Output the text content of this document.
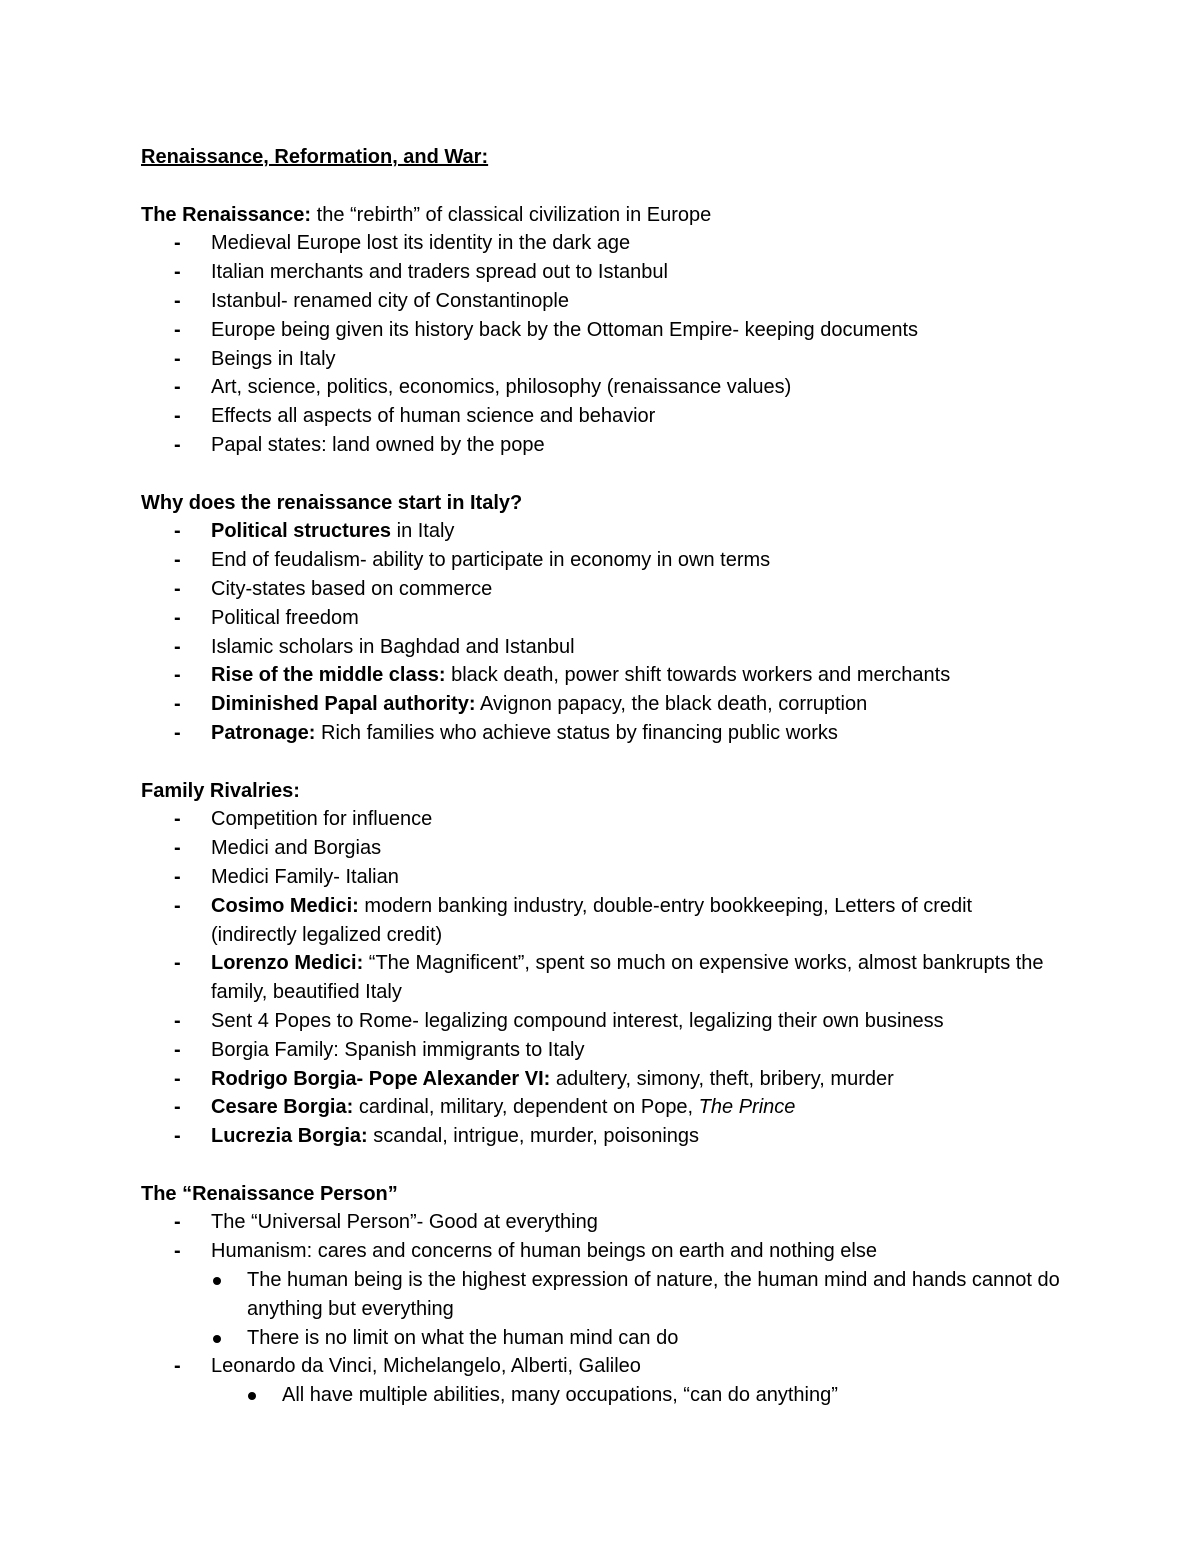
Renaissance, Reformation, and War:
The Renaissance: the “rebirth” of classical civilization in Europe
- Medieval Europe lost its identity in the dark age
- Italian merchants and traders spread out to Istanbul
- Istanbul- renamed city of Constantinople
- Europe being given its history back by the Ottoman Empire- keeping documents
- Beings in Italy
- Art, science, politics, economics, philosophy (renaissance values)
- Effects all aspects of human science and behavior
- Papal states: land owned by the pope
Why does the renaissance start in Italy?
- Political structures in Italy
- End of feudalism- ability to participate in economy in own terms
- City-states based on commerce
- Political freedom
- Islamic scholars in Baghdad and Istanbul
- Rise of the middle class: black death, power shift towards workers and merchants
- Diminished Papal authority: Avignon papacy, the black death, corruption
- Patronage: Rich families who achieve status by financing public works
Family Rivalries:
- Competition for influence
- Medici and Borgias
- Medici Family- Italian
- Cosimo Medici: modern banking industry, double-entry bookkeeping, Letters of credit (indirectly legalized credit)
- Lorenzo Medici: “The Magnificent”, spent so much on expensive works, almost bankrupts the family, beautified Italy
- Sent 4 Popes to Rome- legalizing compound interest, legalizing their own business
- Borgia Family: Spanish immigrants to Italy
- Rodrigo Borgia- Pope Alexander VI: adultery, simony, theft, bribery, murder
- Cesare Borgia: cardinal, military, dependent on Pope, The Prince
- Lucrezia Borgia: scandal, intrigue, murder, poisonings
The “Renaissance Person”
- The “Universal Person”- Good at everything
- Humanism: cares and concerns of human beings on earth and nothing else
The human being is the highest expression of nature, the human mind and hands cannot do anything but everything
There is no limit on what the human mind can do
- Leonardo da Vinci, Michelangelo, Alberti, Galileo
All have multiple abilities, many occupations, “can do anything”
